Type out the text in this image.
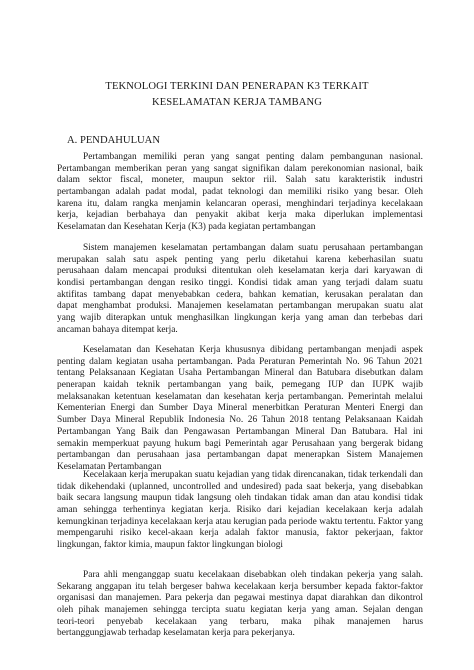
TEKNOLOGI TERKINI DAN PENERAPAN K3 TERKAIT
KESELAMATAN KERJA TAMBANG
A. PENDAHULUAN
Pertambangan memiliki peran yang sangat penting dalam pembangunan nasional.
Pertambangan memberikan peran yang sangat signifikan dalam perekonomian nasional, baik
dalam sektor fiscal, moneter, maupun sektor riil. Salah satu karakteristik industri
pertambangan adalah padat modal, padat teknologi dan memiliki risiko yang besar. Oleh
karena itu, dalam rangka menjamin kelancaran operasi, menghindari terjadinya kecelakaan
kerja, kejadian berbahaya dan penyakit akibat kerja maka diperlukan implementasi
Keselamatan dan Kesehatan Kerja (K3) pada kegiatan pertambangan
Sistem manajemen keselamatan pertambangan dalam suatu perusahaan pertambangan
merupakan salah satu aspek penting yang perlu diketahui karena keberhasilan suatu
perusahaan dalam mencapai produksi ditentukan oleh keselamatan kerja dari karyawan di
kondisi pertambangan dengan resiko tinggi. Kondisi tidak aman yang terjadi dalam suatu
aktifitas tambang dapat menyebabkan cedera, bahkan kematian, kerusakan peralatan dan
dapat menghambat produksi. Manajemen keselamatan pertambangan merupakan suatu alat
yang wajib diterapkan untuk menghasilkan lingkungan kerja yang aman dan terbebas dari
ancaman bahaya ditempat kerja.
Keselamatan dan Kesehatan Kerja khususnya dibidang pertambangan menjadi aspek
penting dalam kegiatan usaha pertambangan. Pada Peraturan Pemerintah No. 96 Tahun 2021
tentang Pelaksanaan Kegiatan Usaha Pertambangan Mineral dan Batubara disebutkan dalam
penerapan kaidah teknik pertambangan yang baik, pemegang IUP dan IUPK wajib
melaksanakan ketentuan keselamatan dan kesehatan kerja pertambangan. Pemerintah melalui
Kementerian Energi dan Sumber Daya Mineral menerbitkan Peraturan Menteri Energi dan
Sumber Daya Mineral Republik Indonesia No. 26 Tahun 2018 tentang Pelaksanaan Kaidah
Pertambangan Yang Baik dan Pengawasan Pertambangan Mineral Dan Batubara. Hal ini
semakin memperkuat payung hukum bagi Pemerintah agar Perusahaan yang bergerak bidang
pertambangan dan perusahaan jasa pertambangan dapat menerapkan Sistem Manajemen
Keselamatan Pertambangan
Kecelakaan kerja merupakan suatu kejadian yang tidak direncanakan, tidak terkendali dan
tidak dikehendaki (uplanned, uncontrolled and undesired) pada saat bekerja, yang disebabkan
baik secara langsung maupun tidak langsung oleh tindakan tidak aman dan atau kondisi tidak
aman sehingga terhentinya kegiatan kerja. Risiko dari kejadian kecelakaan kerja adalah
kemungkinan terjadinya kecelakaan kerja atau kerugian pada periode waktu tertentu. Faktor yang
mempengaruhi risiko kecel-akaan kerja adalah faktor manusia, faktor pekerjaan, faktor
lingkungan, faktor kimia, maupun faktor lingkungan biologi
Para ahli menganggap suatu kecelakaan disebabkan oleh tindakan pekerja yang salah.
Sekarang anggapan itu telah bergeser bahwa kecelakaan kerja bersumber kepada faktor-faktor
organisasi dan manajemen. Para pekerja dan pegawai mestinya dapat diarahkan dan dikontrol
oleh pihak manajemen sehingga tercipta suatu kegiatan kerja yang aman. Sejalan dengan
teori-teori penyebab kecelakaan yang terbaru, maka pihak manajemen harus
bertanggungjawab terhadap keselamatan kerja para pekerjanya.
